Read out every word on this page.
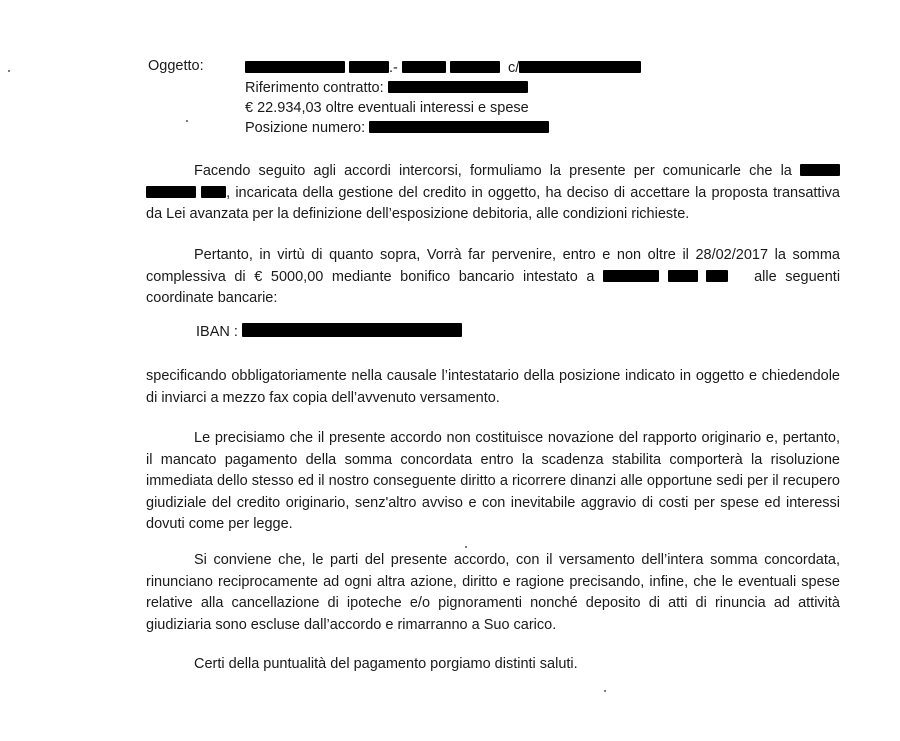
Oggetto:	.-	c/
Riferimento contratto:
€ 22.934,03 oltre eventuali interessi e spese
Posizione numero:
Facendo seguito agli accordi intercorsi, formuliamo la presente per comunicarle che la   , incaricata della gestione del credito in oggetto, ha deciso di accettare la proposta transattiva da Lei avanzata per la definizione dell’esposizione debitoria, alle condizioni richieste.
Pertanto, in virtù di quanto sopra, Vorrà far pervenire, entro e non oltre il 28/02/2017 la somma complessiva di € 5000,00 mediante bonifico bancario intestato a	alle seguenti coordinate bancarie:
IBAN :
specificando obbligatoriamente nella causale l’intestatario della posizione indicato in oggetto e chiedendole di inviarci a mezzo fax copia dell’avvenuto versamento.
Le precisiamo che il presente accordo non costituisce novazione del rapporto originario e, pertanto, il mancato pagamento della somma concordata entro la scadenza stabilita comporterà la risoluzione immediata dello stesso ed il nostro conseguente diritto a ricorrere dinanzi alle opportune sedi per il recupero giudiziale del credito originario, senz'altro avviso e con inevitabile aggravio di costi per spese ed interessi dovuti come per legge.
Si conviene che, le parti del presente accordo, con il versamento dell’intera somma concordata, rinunciano reciprocamente ad ogni altra azione, diritto e ragione precisando, infine, che le eventuali spese relative alla cancellazione di ipoteche e/o pignoramenti nonché deposito di atti di rinuncia ad attività giudiziaria sono escluse dall’accordo e rimarranno a Suo carico.
Certi della puntualità del pagamento porgiamo distinti saluti.
